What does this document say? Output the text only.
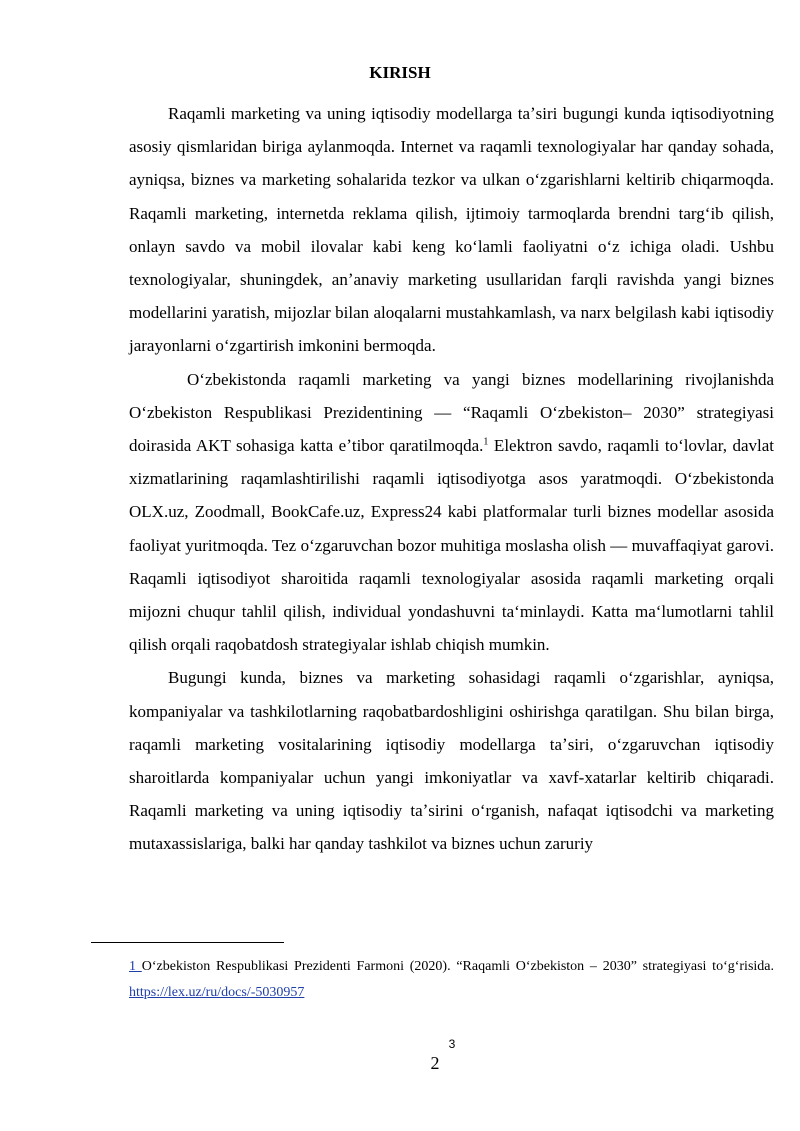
KIRISH

Raqamli marketing va uning iqtisodiy modellarga taʼsiri bugungi kunda iqtisodiyotning asosiy qismlaridan biriga aylanmoqda. Internet va raqamli texnologiyalar har qanday sohada, ayniqsa, biznes va marketing sohalarida tezkor va ulkan oʻzgarishlarni keltirib chiqarmoqda. Raqamli marketing, internetda reklama qilish, ijtimoiy tarmoqlarda brendni targʻib qilish, onlayn savdo va mobil ilovalar kabi keng koʻlamli faoliyatni oʻz ichiga oladi. Ushbu texnologiyalar, shuningdek, anʼanaviy marketing usullaridan farqli ravishda yangi biznes modellarini yaratish, mijozlar bilan aloqalarni mustahkamlash, va narx belgilash kabi iqtisodiy jarayonlarni oʻzgartirish imkonini bermoqda.

Oʻzbekistonda raqamli marketing va yangi biznes modellarining rivojlanishda Oʻzbekiston Respublikasi Prezidentining — “Raqamli Oʻzbekiston– 2030” strategiyasi doirasida AKT sohasiga katta eʼtibor qaratilmoqda.$^1$ Elektron savdo, raqamli toʻlovlar, davlat xizmatlarining raqamlashtirilishi raqamli iqtisodiyotga asos yaratmoqdi. Oʻzbekistonda OLX.uz, Zoodmall, BookCafe.uz, Express24 kabi platformalar turli biznes modellar asosida faoliyat yuritmoqda. Tez oʻzgaruvchan bozor muhitiga moslasha olish — muvaffaqiyat garovi. Raqamli iqtisodiyot sharoitida raqamli texnologiyalar asosida raqamli marketing orqali mijozni chuqur tahlil qilish, individual yondashuvni taʻminlaydi. Katta maʻlumotlarni tahlil qilish orqali raqobatdosh strategiyalar ishlab chiqish mumkin.

Bugungi kunda, biznes va marketing sohasidagi raqamli oʻzgarishlar, ayniqsa, kompaniyalar va tashkilotlarning raqobatbardoshligini oshirishga qaratilgan. Shu bilan birga, raqamli marketing vositalarining iqtisodiy modellarga taʼsiri, oʻzgaruvchan iqtisodiy sharoitlarda kompaniyalar uchun yangi imkoniyatlar va xavf-xatarlar keltirib chiqaradi. Raqamli marketing va uning iqtisodiy taʼsirini oʻrganish, nafaqat iqtisodchi va marketing mutaxassislariga, balki har qanday tashkilot va biznes uchun zaruriy

1 Oʻzbekiston Respublikasi Prezidenti Farmoni (2020). “Raqamli Oʻzbekiston – 2030” strategiyasi toʻgʻrisida. https://lex.uz/ru/docs/-5030957
3
2
